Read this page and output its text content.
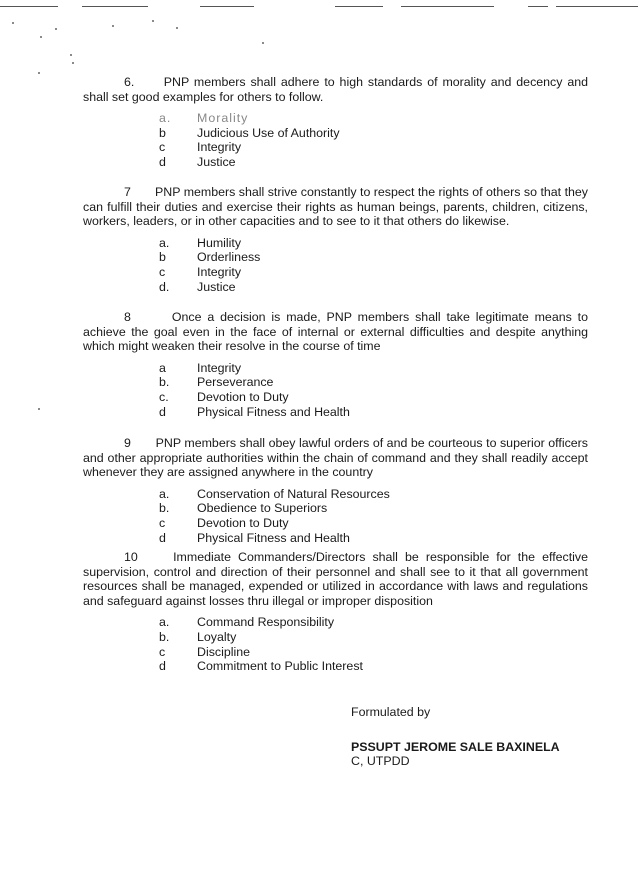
6. PNP members shall adhere to high standards of morality and decency and shall set good examples for others to follow.

a. Morality
b	Judicious Use of Authority
c	Integrity
d	Justice

7 PNP members shall strive constantly to respect the rights of others so that they can fulfill their duties and exercise their rights as human beings, parents, children, citizens, workers, leaders, or in other capacities and to see to it that others do likewise.

a. Humility
b	Orderliness
c	Integrity
d. Justice

8	Once a decision is made, PNP members shall take legitimate means to achieve the goal even in the face of internal or external difficulties and despite anything which might weaken their resolve in the course of time

a	Integrity
b. Perseverance
c. Devotion to Duty
d	Physical Fitness and Health

9 PNP members shall obey lawful orders of and be courteous to superior officers and other appropriate authorities within the chain of command and they shall readily accept whenever they are assigned anywhere in the country

a. Conservation of Natural Resources
b. Obedience to Superiors
c	Devotion to Duty
d	Physical Fitness and Health

10	Immediate Commanders/Directors shall be responsible for the effective supervision, control and direction of their personnel and shall see to it that all government resources shall be managed, expended or utilized in accordance with laws and regulations and safeguard against losses thru illegal or improper disposition

a. Command Responsibility
b. Loyalty
c	Discipline
d	Commitment to Public Interest
Formulated by
PSSUPT JEROME SALE BAXINELA
C, UTPDD
